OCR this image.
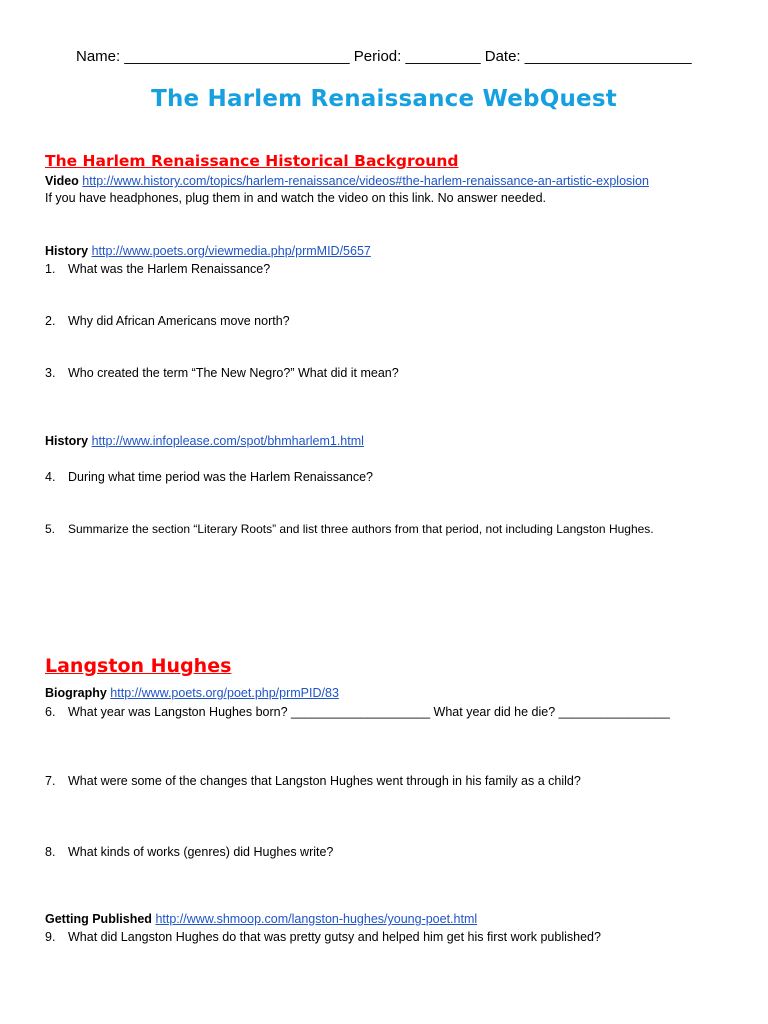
Name: ___________________________ Period: _________ Date: ____________________
The Harlem Renaissance WebQuest
The Harlem Renaissance Historical Background
Video http://www.history.com/topics/harlem-renaissance/videos#the-harlem-renaissance-an-artistic-explosion
If you have headphones, plug them in and watch the video on this link. No answer needed.
History http://www.poets.org/viewmedia.php/prmMID/5657
1. What was the Harlem Renaissance?
2. Why did African Americans move north?
3. Who created the term “The New Negro?” What did it mean?
History http://www.infoplease.com/spot/bhmharlem1.html
4. During what time period was the Harlem Renaissance?
5. Summarize the section “Literary Roots” and list three authors from that period, not including Langston Hughes.
Langston Hughes
Biography http://www.poets.org/poet.php/prmPID/83
6. What year was Langston Hughes born? ____________________ What year did he die? ________________
7. What were some of the changes that Langston Hughes went through in his family as a child?
8. What kinds of works (genres) did Hughes write?
Getting Published http://www.shmoop.com/langston-hughes/young-poet.html
9. What did Langston Hughes do that was pretty gutsy and helped him get his first work published?
